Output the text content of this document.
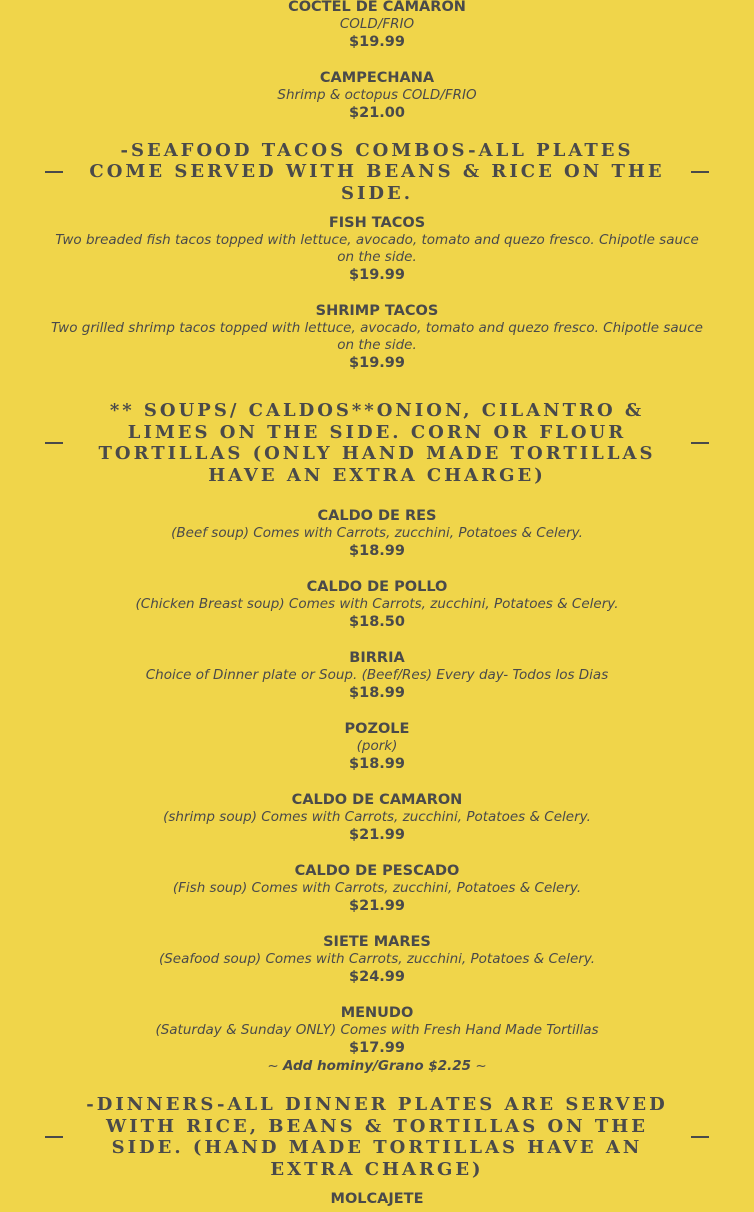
COCTEL DE CAMARON
COLD/FRIO
$19.99
CAMPECHANA
Shrimp & octopus COLD/FRIO
$21.00
-SEAFOOD TACOS COMBOS-ALL PLATES COME SERVED WITH BEANS & RICE ON THE SIDE.
FISH TACOS
Two breaded fish tacos topped with lettuce, avocado, tomato and quezo fresco. Chipotle sauce on the side.
$19.99
SHRIMP TACOS
Two grilled shrimp tacos topped with lettuce, avocado, tomato and quezo fresco. Chipotle sauce on the side.
$19.99
** SOUPS/ CALDOS**ONION, CILANTRO & LIMES ON THE SIDE. CORN OR FLOUR TORTILLAS (ONLY HAND MADE TORTILLAS HAVE AN EXTRA CHARGE)
CALDO DE RES
(Beef soup) Comes with Carrots, zucchini, Potatoes & Celery.
$18.99
CALDO DE POLLO
(Chicken Breast soup) Comes with Carrots, zucchini, Potatoes & Celery.
$18.50
BIRRIA
Choice of Dinner plate or Soup. (Beef/Res) Every day- Todos los Dias
$18.99
POZOLE
(pork)
$18.99
CALDO DE CAMARON
(shrimp soup) Comes with Carrots, zucchini, Potatoes & Celery.
$21.99
CALDO DE PESCADO
(Fish soup) Comes with Carrots, zucchini, Potatoes & Celery.
$21.99
SIETE MARES
(Seafood soup) Comes with Carrots, zucchini, Potatoes & Celery.
$24.99
MENUDO
(Saturday & Sunday ONLY) Comes with Fresh Hand Made Tortillas
$17.99
~ Add hominy/Grano $2.25 ~
-DINNERS-ALL DINNER PLATES ARE SERVED WITH RICE, BEANS & TORTILLAS ON THE SIDE. (HAND MADE TORTILLAS HAVE AN EXTRA CHARGE)
MOLCAJETE
